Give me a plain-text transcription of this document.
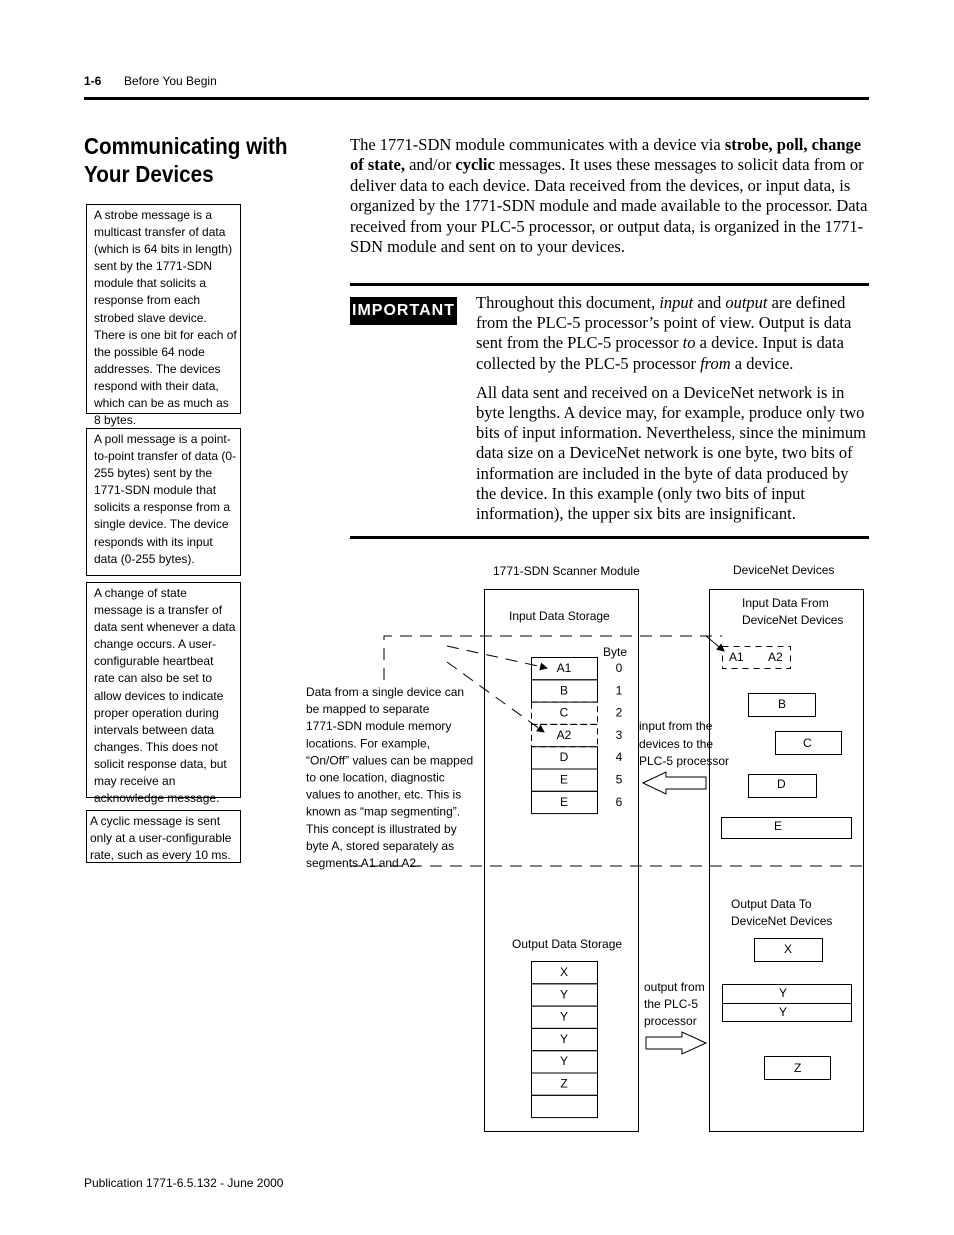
1-6 Before You Begin
Communicating with Your Devices
A strobe message is a multicast transfer of data (which is 64 bits in length) sent by the 1771-SDN module that solicits a response from each strobed slave device. There is one bit for each of the possible 64 node addresses. The devices respond with their data, which can be as much as 8 bytes.
A poll message is a point-to-point transfer of data (0-255 bytes) sent by the 1771-SDN module that solicits a response from a single device. The device responds with its input data (0-255 bytes).
A change of state message is a transfer of data sent whenever a data change occurs. A user-configurable heartbeat rate can also be set to allow devices to indicate proper operation during intervals between data changes. This does not solicit response data, but may receive an acknowledge message.
A cyclic message is sent only at a user-configurable rate, such as every 10 ms.
The 1771-SDN module communicates with a device via strobe, poll, change of state, and/or cyclic messages. It uses these messages to solicit data from or deliver data to each device. Data received from the devices, or input data, is organized by the 1771-SDN module and made available to the processor. Data received from your PLC-5 processor, or output data, is organized in the 1771-SDN module and sent on to your devices.
IMPORTANT Throughout this document, input and output are defined from the PLC-5 processor’s point of view. Output is data sent from the PLC-5 processor to a device. Input is data collected by the PLC-5 processor from a device.

All data sent and received on a DeviceNet network is in byte lengths. A device may, for example, produce only two bits of input information. Nevertheless, since the minimum data size on a DeviceNet network is one byte, two bits of information are included in the byte of data produced by the device. In this example (only two bits of input information), the upper six bits are insignificant.

1771-SDN Scanner Module	DeviceNet Devices
Input Data Storage
Byte
A1	0
B	1
C	2
A2	3
D	4
E	5
E	6
Input Data From
DeviceNet Devices
A1 A2
B
C
D
E
input from the
devices to the
PLC-5 processor
Data from a single device can
be mapped to separate
1771-SDN module memory
locations. For example,
“On/Off” values can be mapped
to one location, diagnostic
values to another, etc. This is
known as “map segmenting”.
This concept is illustrated by
byte A, stored separately as
segments A1 and A2.
Output Data Storage
X
Y
Y
Y
Y
Z
Output Data To
DeviceNet Devices
X
Y
Y
Z
output from
the PLC-5
processor
Publication 1771-6.5.132 - June 2000
